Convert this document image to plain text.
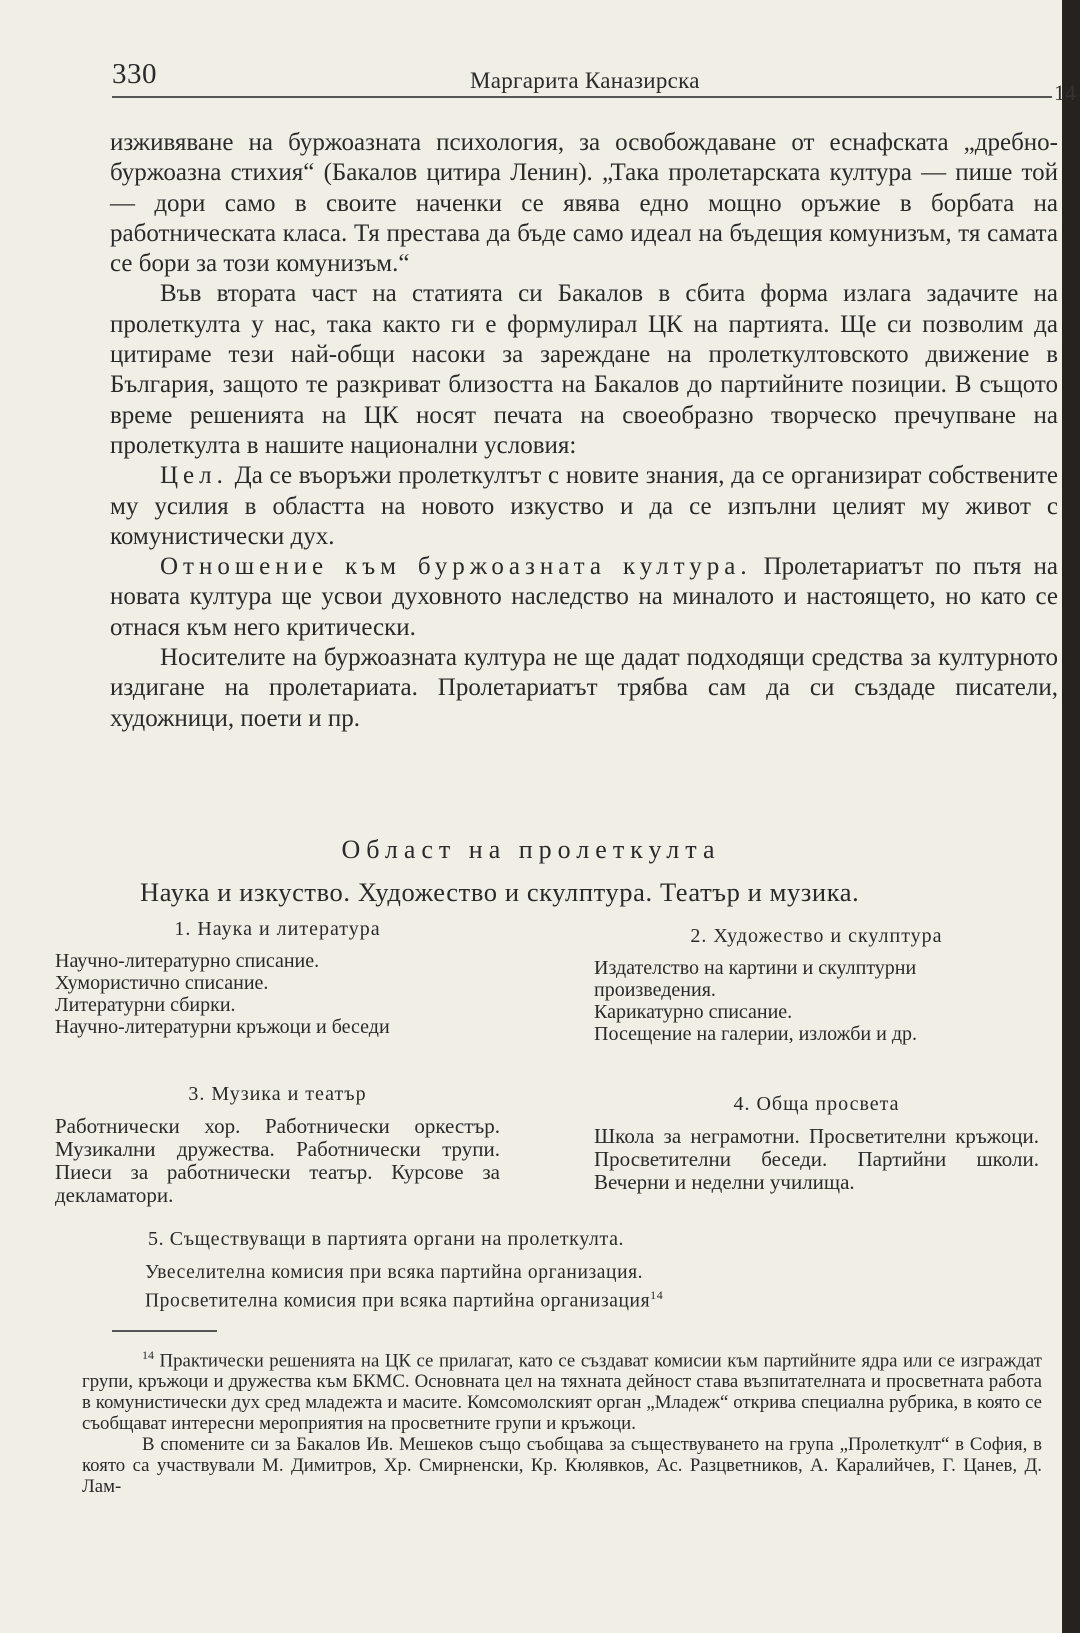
330	Маргарита Каназирска

изживяване на буржоазната психология, за освобождаване от еснафската „дребно-буржоазна стихия“ (Бакалов цитира Ленин). „Така пролетарската култура — пише той — дори само в своите наченки се явява едно мощно оръжие в борбата на работническата класа. Тя престава да бъде само идеал на бъдещия комунизъм, тя самата се бори за този комунизъм.“

Във втората част на статията си Бакалов в сбита форма излага задачите на пролеткулта у нас, така както ги е формулирал ЦК на партията. Ще си позволим да цитираме тези най-общи насоки за зареждане на пролеткултовското движение в България, защото те разкриват близостта на Бакалов до партийните позиции. В същото време решенията на ЦК носят печата на своеобразно творческо пречупване на пролеткулта в нашите национални условия:

Цел. Да се въоръжи пролеткултът с новите знания, да се организират собствените му усилия в областта на новото изкуство и да се изпълни целият му живот с комунистически дух.

Отношение към буржоазната култура. Пролетариатът по пътя на новата култура ще усвои духовното наследство на миналото и настоящето, но като се отнася към него критически.

Носителите на буржоазната култура не ще дадат подходящи средства за културното издигане на пролетариата. Пролетариатът трябва сам да си създаде писатели, художници, поети и пр.

Област на пролеткулта
Наука и изкуство. Художество и скулптура. Театър и музика.
1. Наука и литература
Научно-литературно списание.
Хумористично списание.
Литературни сбирки.
Научно-литературни кръжоци и беседи
2. Художество и скулптура
Издателство на картини и скулптурни произведения.
Карикатурно списание.
Посещение на галерии, изложби и др.
3. Музика и театър
Работнически хор. Работнически оркестър. Музикални дружества. Работнически трупи. Пиеси за работнически театър. Курсове за декламатори.
4. Обща просвета
Школа за неграмотни. Просветителни кръжоци. Просветителни беседи. Партийни школи. Вечерни и неделни училища.
5. Съществуващи в партията органи на пролеткулта.
Увеселителна комисия при всяка партийна организация.
Просветителна комисия при всяка партийна организация$^{14}$

$^{14}$ Практически решенията на ЦК се прилагат, като се създават комисии към партийните ядра или се изграждат групи, кръжоци и дружества към БКМС. Основната цел на тяхната дейност става възпитателната и просветната работа в комунистически дух сред младежта и масите. Комсомолският орган „Младеж“ открива специална рубрика, в която се съобщават интересни мероприятия на просветните групи и кръжоци.

В спомените си за Бакалов Ив. Мешеков също съобщава за съществуването на група „Пролеткулт“ в София, в която са участвували М. Димитров, Хр. Смирненски, Кр. Кюлявков, Ас. Разцветников, А. Каралийчев, Г. Цанев, Д. Лам-

14
